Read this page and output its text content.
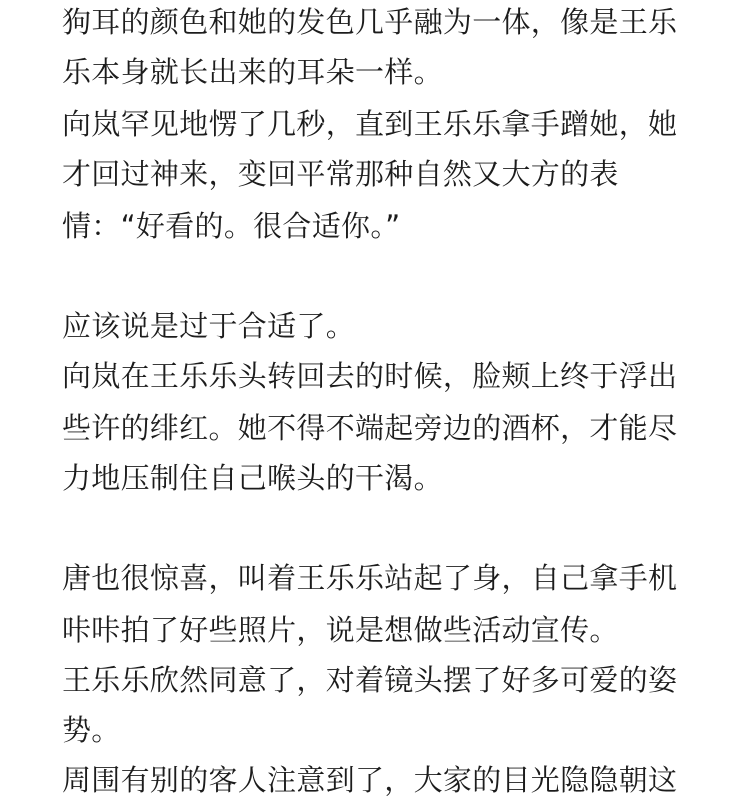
狗耳的颜色和她的发色几乎融为一体，像是王乐

乐本身就长出来的耳朵一样。

向岚罕见地愣了几秒，直到王乐乐拿手蹭她，她

才回过神来，变回平常那种自然又大方的表

情：“好看的。很合适你。”

应该说是过于合适了。

向岚在王乐乐头转回去的时候，脸颊上终于浮出

些许的绯红。她不得不端起旁边的酒杯，才能尽

力地压制住自己喉头的干渴。

唐也很惊喜，叫着王乐乐站起了身，自己拿手机

咔咔拍了好些照片，说是想做些活动宣传。

王乐乐欣然同意了，对着镜头摆了好多可爱的姿

势。

周围有别的客人注意到了，大家的目光隐隐朝这
